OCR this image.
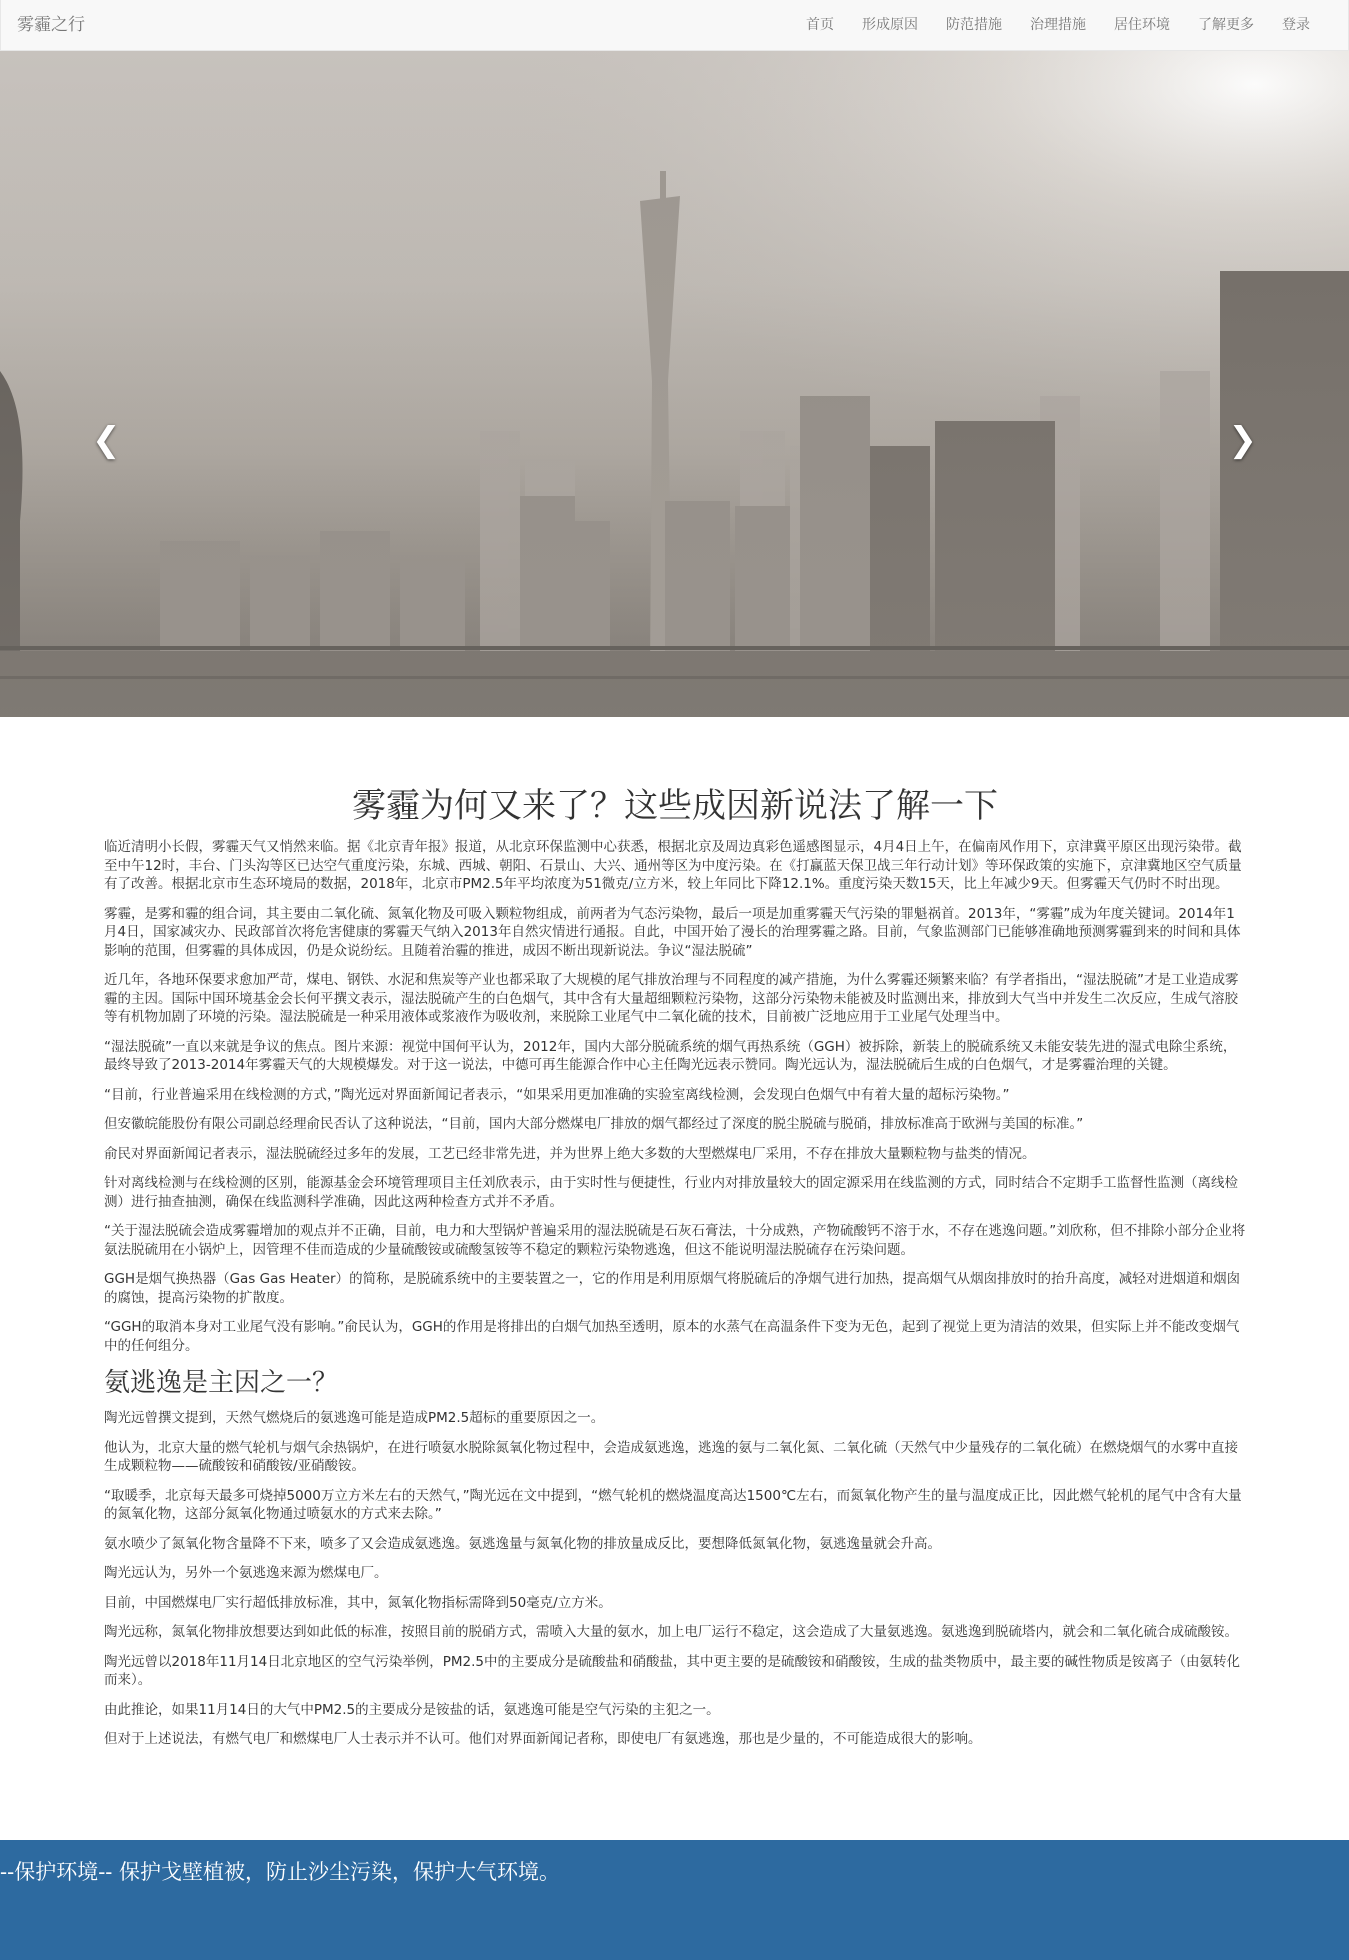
雾霾之行	首页	形成原因	防范措施	治理措施	居住环境	了解更多	登录
❮	❯
雾霾为何又来了？这些成因新说法了解一下

临近清明小长假，雾霾天气又悄然来临。据《北京青年报》报道，从北京环保监测中心获悉，根据北京及周边真彩色遥感图显示，4月4日上午，在偏南风作用下，京津冀平原区出现污染带。截至中午12时，丰台、门头沟等区已达空气重度污染，东城、西城、朝阳、石景山、大兴、通州等区为中度污染。在《打赢蓝天保卫战三年行动计划》等环保政策的实施下，京津冀地区空气质量有了改善。根据北京市生态环境局的数据，2018年，北京市PM2.5年平均浓度为51微克/立方米，较上年同比下降12.1%。重度污染天数15天，比上年减少9天。但雾霾天气仍时不时出现。

雾霾，是雾和霾的组合词，其主要由二氧化硫、氮氧化物及可吸入颗粒物组成，前两者为气态污染物，最后一项是加重雾霾天气污染的罪魁祸首。2013年，“雾霾”成为年度关键词。2014年1月4日，国家减灾办、民政部首次将危害健康的雾霾天气纳入2013年自然灾情进行通报。自此，中国开始了漫长的治理雾霾之路。目前，气象监测部门已能够准确地预测雾霾到来的时间和具体影响的范围，但雾霾的具体成因，仍是众说纷纭。且随着治霾的推进，成因不断出现新说法。争议“湿法脱硫”

近几年，各地环保要求愈加严苛，煤电、钢铁、水泥和焦炭等产业也都采取了大规模的尾气排放治理与不同程度的减产措施，为什么雾霾还频繁来临？有学者指出，“湿法脱硫”才是工业造成雾霾的主因。国际中国环境基金会长何平撰文表示，湿法脱硫产生的白色烟气，其中含有大量超细颗粒污染物，这部分污染物未能被及时监测出来，排放到大气当中并发生二次反应，生成气溶胶等有机物加剧了环境的污染。湿法脱硫是一种采用液体或浆液作为吸收剂，来脱除工业尾气中二氧化硫的技术，目前被广泛地应用于工业尾气处理当中。

“湿法脱硫”一直以来就是争议的焦点。图片来源：视觉中国何平认为，2012年，国内大部分脱硫系统的烟气再热系统（GGH）被拆除，新装上的脱硫系统又未能安装先进的湿式电除尘系统，最终导致了2013-2014年雾霾天气的大规模爆发。对于这一说法，中德可再生能源合作中心主任陶光远表示赞同。陶光远认为，湿法脱硫后生成的白色烟气，才是雾霾治理的关键。

“目前，行业普遍采用在线检测的方式，”陶光远对界面新闻记者表示，“如果采用更加准确的实验室离线检测，会发现白色烟气中有着大量的超标污染物。”

但安徽皖能股份有限公司副总经理俞民否认了这种说法，“目前，国内大部分燃煤电厂排放的烟气都经过了深度的脱尘脱硫与脱硝，排放标准高于欧洲与美国的标准。”

俞民对界面新闻记者表示，湿法脱硫经过多年的发展，工艺已经非常先进，并为世界上绝大多数的大型燃煤电厂采用，不存在排放大量颗粒物与盐类的情况。

针对离线检测与在线检测的区别，能源基金会环境管理项目主任刘欣表示，由于实时性与便捷性，行业内对排放量较大的固定源采用在线监测的方式，同时结合不定期手工监督性监测（离线检测）进行抽查抽测，确保在线监测科学准确，因此这两种检查方式并不矛盾。

“关于湿法脱硫会造成雾霾增加的观点并不正确，目前，电力和大型锅炉普遍采用的湿法脱硫是石灰石膏法，十分成熟，产物硫酸钙不溶于水，不存在逃逸问题。”刘欣称，但不排除小部分企业将氨法脱硫用在小锅炉上，因管理不佳而造成的少量硫酸铵或硫酸氢铵等不稳定的颗粒污染物逃逸，但这不能说明湿法脱硫存在污染问题。

GGH是烟气换热器（Gas Gas Heater）的简称，是脱硫系统中的主要装置之一，它的作用是利用原烟气将脱硫后的净烟气进行加热，提高烟气从烟囱排放时的抬升高度，减轻对进烟道和烟囱的腐蚀，提高污染物的扩散度。

“GGH的取消本身对工业尾气没有影响。”俞民认为，GGH的作用是将排出的白烟气加热至透明，原本的水蒸气在高温条件下变为无色，起到了视觉上更为清洁的效果，但实际上并不能改变烟气中的任何组分。

氨逃逸是主因之一？

陶光远曾撰文提到，天然气燃烧后的氨逃逸可能是造成PM2.5超标的重要原因之一。

他认为，北京大量的燃气轮机与烟气余热锅炉，在进行喷氨水脱除氮氧化物过程中，会造成氨逃逸，逃逸的氨与二氧化氮、二氧化硫（天然气中少量残存的二氧化硫）在燃烧烟气的水雾中直接生成颗粒物——硫酸铵和硝酸铵/亚硝酸铵。

“取暖季，北京每天最多可烧掉5000万立方米左右的天然气，”陶光远在文中提到，“燃气轮机的燃烧温度高达1500℃左右，而氮氧化物产生的量与温度成正比，因此燃气轮机的尾气中含有大量的氮氧化物，这部分氮氧化物通过喷氨水的方式来去除。”

氨水喷少了氮氧化物含量降不下来，喷多了又会造成氨逃逸。氨逃逸量与氮氧化物的排放量成反比，要想降低氮氧化物，氨逃逸量就会升高。

陶光远认为，另外一个氨逃逸来源为燃煤电厂。

目前，中国燃煤电厂实行超低排放标准，其中，氮氧化物指标需降到50毫克/立方米。

陶光远称，氮氧化物排放想要达到如此低的标准，按照目前的脱硝方式，需喷入大量的氨水，加上电厂运行不稳定，这会造成了大量氨逃逸。氨逃逸到脱硫塔内，就会和二氧化硫合成硫酸铵。

陶光远曾以2018年11月14日北京地区的空气污染举例，PM2.5中的主要成分是硫酸盐和硝酸盐，其中更主要的是硫酸铵和硝酸铵，生成的盐类物质中，最主要的碱性物质是铵离子（由氨转化而来）。

由此推论，如果11月14日的大气中PM2.5的主要成分是铵盐的话，氨逃逸可能是空气污染的主犯之一。

但对于上述说法，有燃气电厂和燃煤电厂人士表示并不认可。他们对界面新闻记者称，即使电厂有氨逃逸，那也是少量的，不可能造成很大的影响。

--保护环境-- 保护戈壁植被，防止沙尘污染，保护大气环境。
